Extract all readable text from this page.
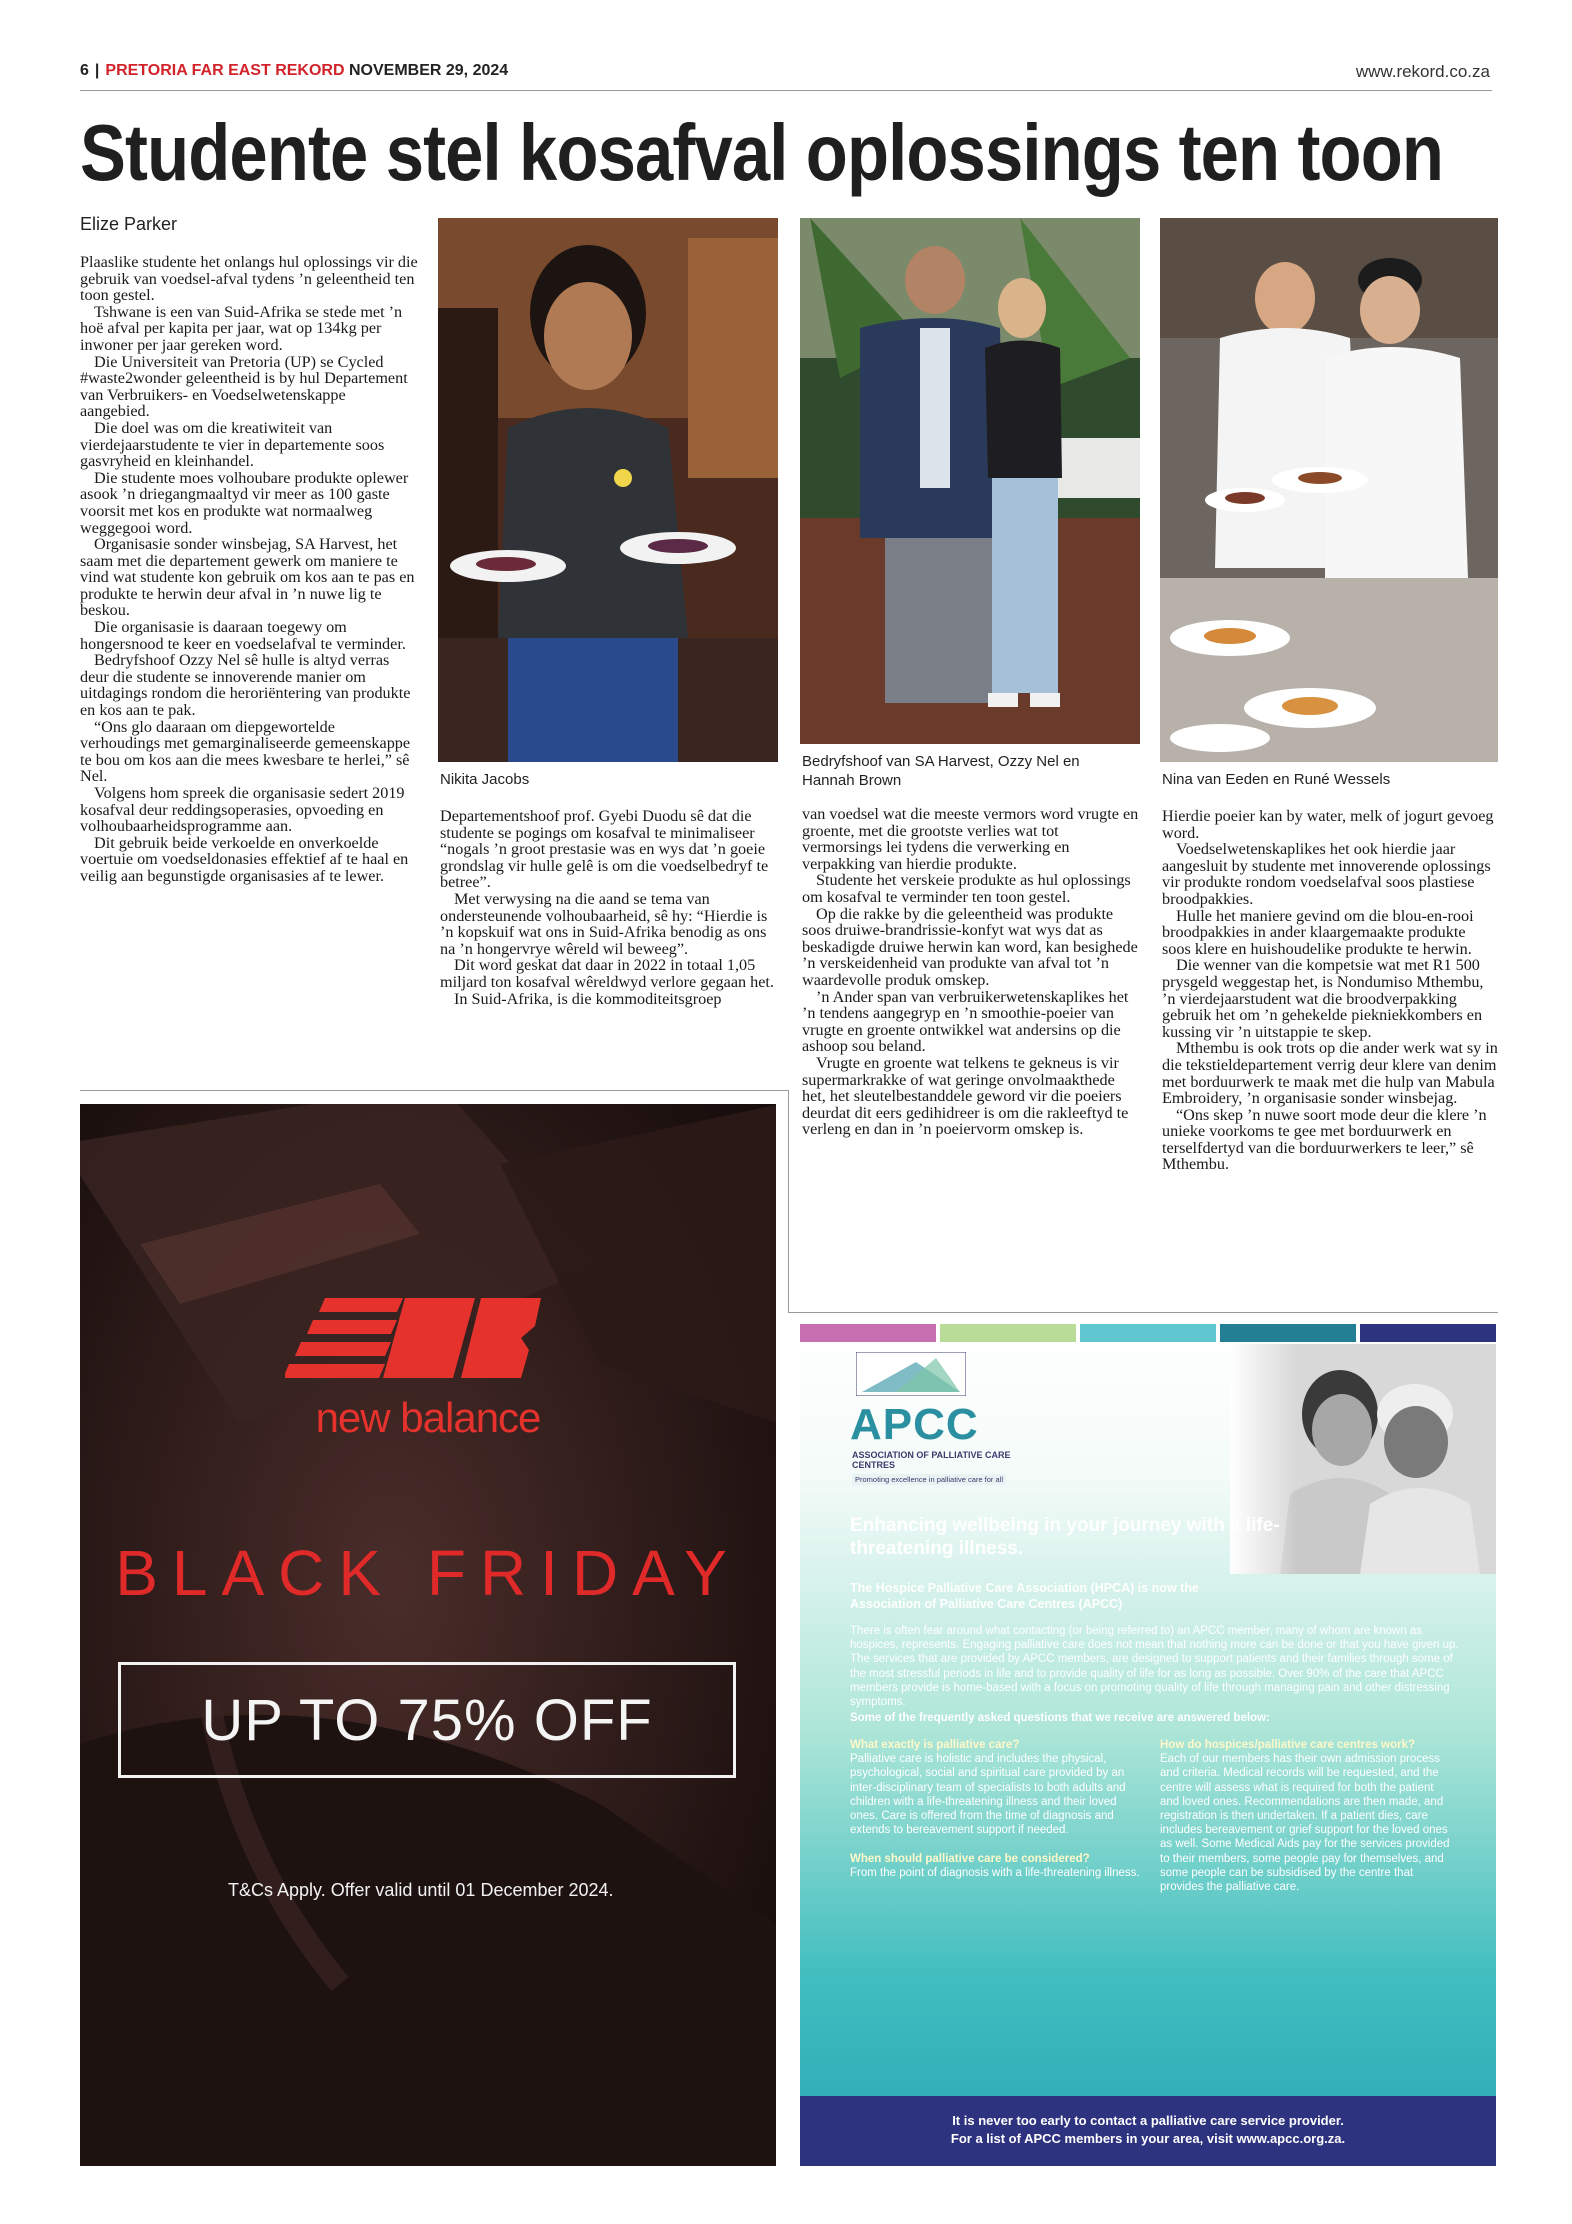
6 | PRETORIA FAR EAST REKORD NOVEMBER 29, 2024	www.rekord.co.za
Studente stel kosafval oplossings ten toon
Elize Parker

Plaaslike studente het onlangs hul oplossings vir die gebruik van voedsel-afval tydens ’n geleentheid ten toon gestel.

Tshwane is een van Suid-Afrika se stede met ’n hoë afval per kapita per jaar, wat op 134kg per inwoner per jaar gereken word.

Die Universiteit van Pretoria (UP) se Cycled #waste2wonder geleentheid is by hul Departement van Verbruikers- en Voedselwetenskappe aangebied.

Die doel was om die kreatiwiteit van vierdejaarstudente te vier in departemente soos gasvryheid en kleinhandel.

Die studente moes volhoubare produkte oplewer asook ’n driegangmaaltyd vir meer as 100 gaste voorsit met kos en produkte wat normaalweg weggegooi word.

Organisasie sonder winsbejag, SA Harvest, het saam met die departement gewerk om maniere te vind wat studente kon gebruik om kos aan te pas en produkte te herwin deur afval in ’n nuwe lig te beskou.

Die organisasie is daaraan toegewy om hongersnood te keer en voedselafval te verminder.

Bedryfshoof Ozzy Nel sê hulle is altyd verras deur die studente se innoverende manier om uitdagings rondom die heroriëntering van produkte en kos aan te pak.

“Ons glo daaraan om diepgewortelde verhoudings met gemarginaliseerde gemeenskappe te bou om kos aan die mees kwesbare te herlei,” sê Nel.

Volgens hom spreek die organisasie sedert 2019 kosafval deur reddingsoperasies, opvoeding en volhoubaarheidsprogramme aan.

Dit gebruik beide verkoelde en onverkoelde voertuie om voedseldonasies effektief af te haal en veilig aan begunstigde organisasies af te lewer.

Nikita Jacobs
Bedryfshoof van SA Harvest, Ozzy Nel en Hannah Brown	Nina van Eeden en Runé Wessels

Departementshoof prof. Gyebi Duodu sê dat die studente se pogings om kosafval te minimaliseer “nogals ’n groot prestasie was en wys dat ’n goeie grondslag vir hulle gelê is om die voedselbedryf te betree”.

Met verwysing na die aand se tema van ondersteunende volhoubaarheid, sê hy: “Hierdie is ’n kopskuif wat ons in Suid-Afrika benodig as ons na ’n hongervrye wêreld wil beweeg”.

Dit word geskat dat daar in 2022 in totaal 1,05 miljard ton kosafval wêreldwyd verlore gegaan het.

In Suid-Afrika, is die kommoditeitsgroep

van voedsel wat die meeste vermors word vrugte en groente, met die grootste verlies wat tot vermorsings lei tydens die verwerking en verpakking van hierdie produkte.

Studente het verskeie produkte as hul oplossings om kosafval te verminder ten toon gestel.

Op die rakke by die geleentheid was produkte soos druiwe-brandrissie-konfyt wat wys dat as beskadigde druiwe herwin kan word, kan besighede ’n verskeidenheid van produkte van afval tot ’n waardevolle produk omskep.

’n Ander span van verbruikerwetenskaplikes het ’n tendens aangegryp en ’n smoothie-poeier van vrugte en groente ontwikkel wat andersins op die ashoop sou beland.

Vrugte en groente wat telkens te gekneus is vir supermarkrakke of wat geringe onvolmaakthede het, het sleutelbestanddele geword vir die poeiers deurdat dit eers gedihidreer is om die rakleeftyd te verleng en dan in ’n poeiervorm omskep is.

Hierdie poeier kan by water, melk of jogurt gevoeg word.

Voedselwetenskaplikes het ook hierdie jaar aangesluit by studente met innoverende oplossings vir produkte rondom voedselafval soos plastiese broodpakkies.

Hulle het maniere gevind om die blou-en-rooi broodpakkies in ander klaargemaakte produkte soos klere en huishoudelike produkte te herwin.

Die wenner van die kompetsie wat met R1 500 prysgeld weggestap het, is Nondumiso Mthembu, ’n vierdejaarstudent wat die broodverpakking gebruik het om ’n gehekelde piekniekkombers en kussing vir ’n uitstappie te skep.

Mthembu is ook trots op die ander werk wat sy in die tekstieldepartement verrig deur klere van denim met borduurwerk te maak met die hulp van Mabula Embroidery, ’n organisasie sonder winsbejag.

“Ons skep ’n nuwe soort mode deur die klere ’n unieke voorkoms te gee met borduurwerk en terselfdertyd van die borduurwerkers te leer,” sê Mthembu.

new balance
BLACK FRIDAY
UP TO 75% OFF
T&Cs Apply. Offer valid until 01 December 2024.
APCC
ASSOCIATION OF PALLIATIVE CARE CENTRES
Promoting excellence in palliative care for all
Enhancing wellbeing in your journey with a life-threatening illness.
The Hospice Palliative Care Association (HPCA) is now the Association of Palliative Care Centres (APCC)
There is often fear around what contacting (or being referred to) an APCC member, many of whom are known as hospices, represents. Engaging palliative care does not mean that nothing more can be done or that you have given up. The services that are provided by APCC members, are designed to support patients and their families through some of the most stressful periods in life and to provide quality of life for as long as possible. Over 90% of the care that APCC members provide is home-based with a focus on promoting quality of life through managing pain and other distressing symptoms.
Some of the frequently asked questions that we receive are answered below:
What exactly is palliative care?
Palliative care is holistic and includes the physical, psychological, social and spiritual care provided by an inter-disciplinary team of specialists to both adults and children with a life-threatening illness and their loved ones. Care is offered from the time of diagnosis and extends to bereavement support if needed.

When should palliative care be considered?
From the point of diagnosis with a life-threatening illness.
How do hospices/palliative care centres work?
Each of our members has their own admission process and criteria. Medical records will be requested, and the centre will assess what is required for both the patient and loved ones. Recommendations are then made, and registration is then undertaken. If a patient dies, care includes bereavement or grief support for the loved ones as well. Some Medical Aids pay for the services provided to their members, some people pay for themselves, and some people can be subsidised by the centre that provides the palliative care.
It is never too early to contact a palliative care service provider.
For a list of APCC members in your area, visit www.apcc.org.za.
